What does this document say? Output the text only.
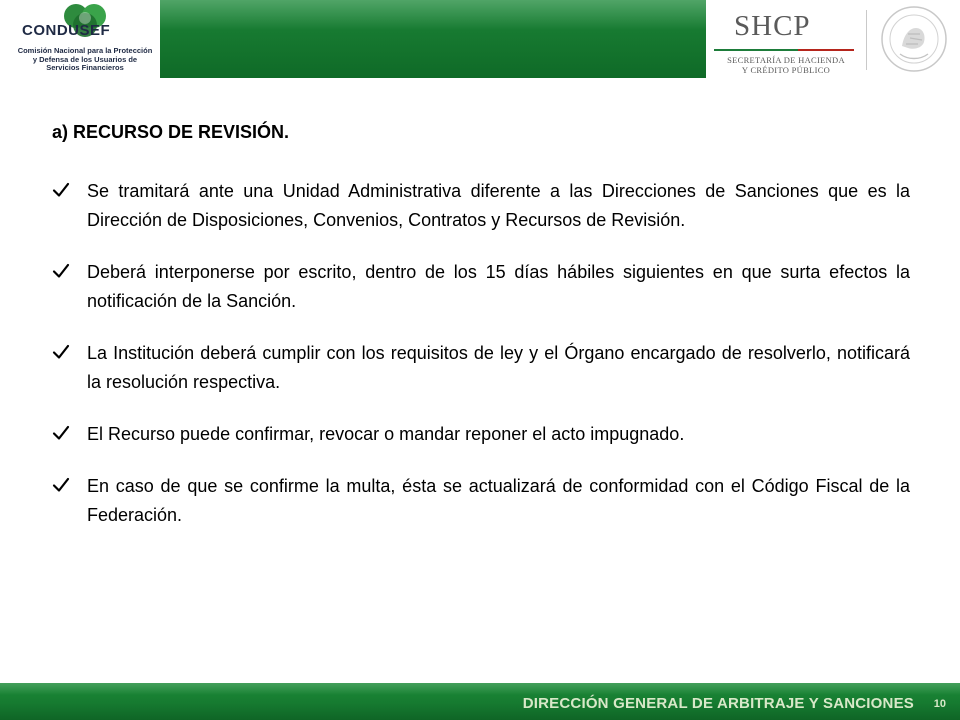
CONDUSEF
Comisión Nacional para la Protección
y Defensa de los Usuarios de
Servicios Financieros
SHCP
SECRETARÍA DE HACIENDA
Y CRÉDITO PÚBLICO
a) RECURSO DE REVISIÓN.
Se tramitará ante una Unidad Administrativa diferente a las Direcciones de Sanciones que es la Dirección de Disposiciones, Convenios, Contratos y Recursos de Revisión.
Deberá interponerse por escrito, dentro de los 15 días hábiles siguientes en que surta efectos la notificación de la Sanción.
La Institución deberá cumplir con los requisitos de ley y el Órgano encargado de resolverlo, notificará la resolución respectiva.
El Recurso puede confirmar, revocar o mandar reponer el acto impugnado.
En caso de que se confirme la multa, ésta se actualizará de conformidad con el Código Fiscal de la Federación.
DIRECCIÓN GENERAL DE ARBITRAJE Y SANCIONES 10
